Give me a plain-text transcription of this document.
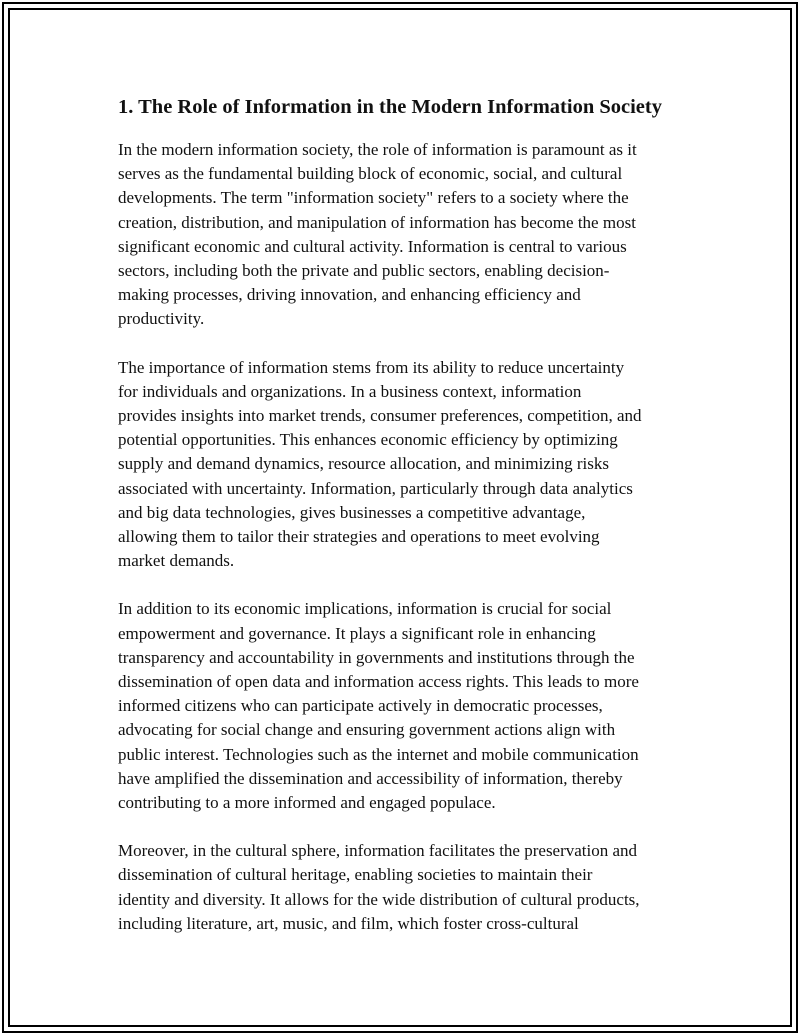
1. The Role of Information in the Modern Information Society

In the modern information society, the role of information is paramount as it
serves as the fundamental building block of economic, social, and cultural
developments. The term "information society" refers to a society where the
creation, distribution, and manipulation of information has become the most
significant economic and cultural activity. Information is central to various
sectors, including both the private and public sectors, enabling decision-
making processes, driving innovation, and enhancing efficiency and
productivity.

The importance of information stems from its ability to reduce uncertainty
for individuals and organizations. In a business context, information
provides insights into market trends, consumer preferences, competition, and
potential opportunities. This enhances economic efficiency by optimizing
supply and demand dynamics, resource allocation, and minimizing risks
associated with uncertainty. Information, particularly through data analytics
and big data technologies, gives businesses a competitive advantage,
allowing them to tailor their strategies and operations to meet evolving
market demands.

In addition to its economic implications, information is crucial for social
empowerment and governance. It plays a significant role in enhancing
transparency and accountability in governments and institutions through the
dissemination of open data and information access rights. This leads to more
informed citizens who can participate actively in democratic processes,
advocating for social change and ensuring government actions align with
public interest. Technologies such as the internet and mobile communication
have amplified the dissemination and accessibility of information, thereby
contributing to a more informed and engaged populace.

Moreover, in the cultural sphere, information facilitates the preservation and
dissemination of cultural heritage, enabling societies to maintain their
identity and diversity. It allows for the wide distribution of cultural products,
including literature, art, music, and film, which foster cross-cultural
